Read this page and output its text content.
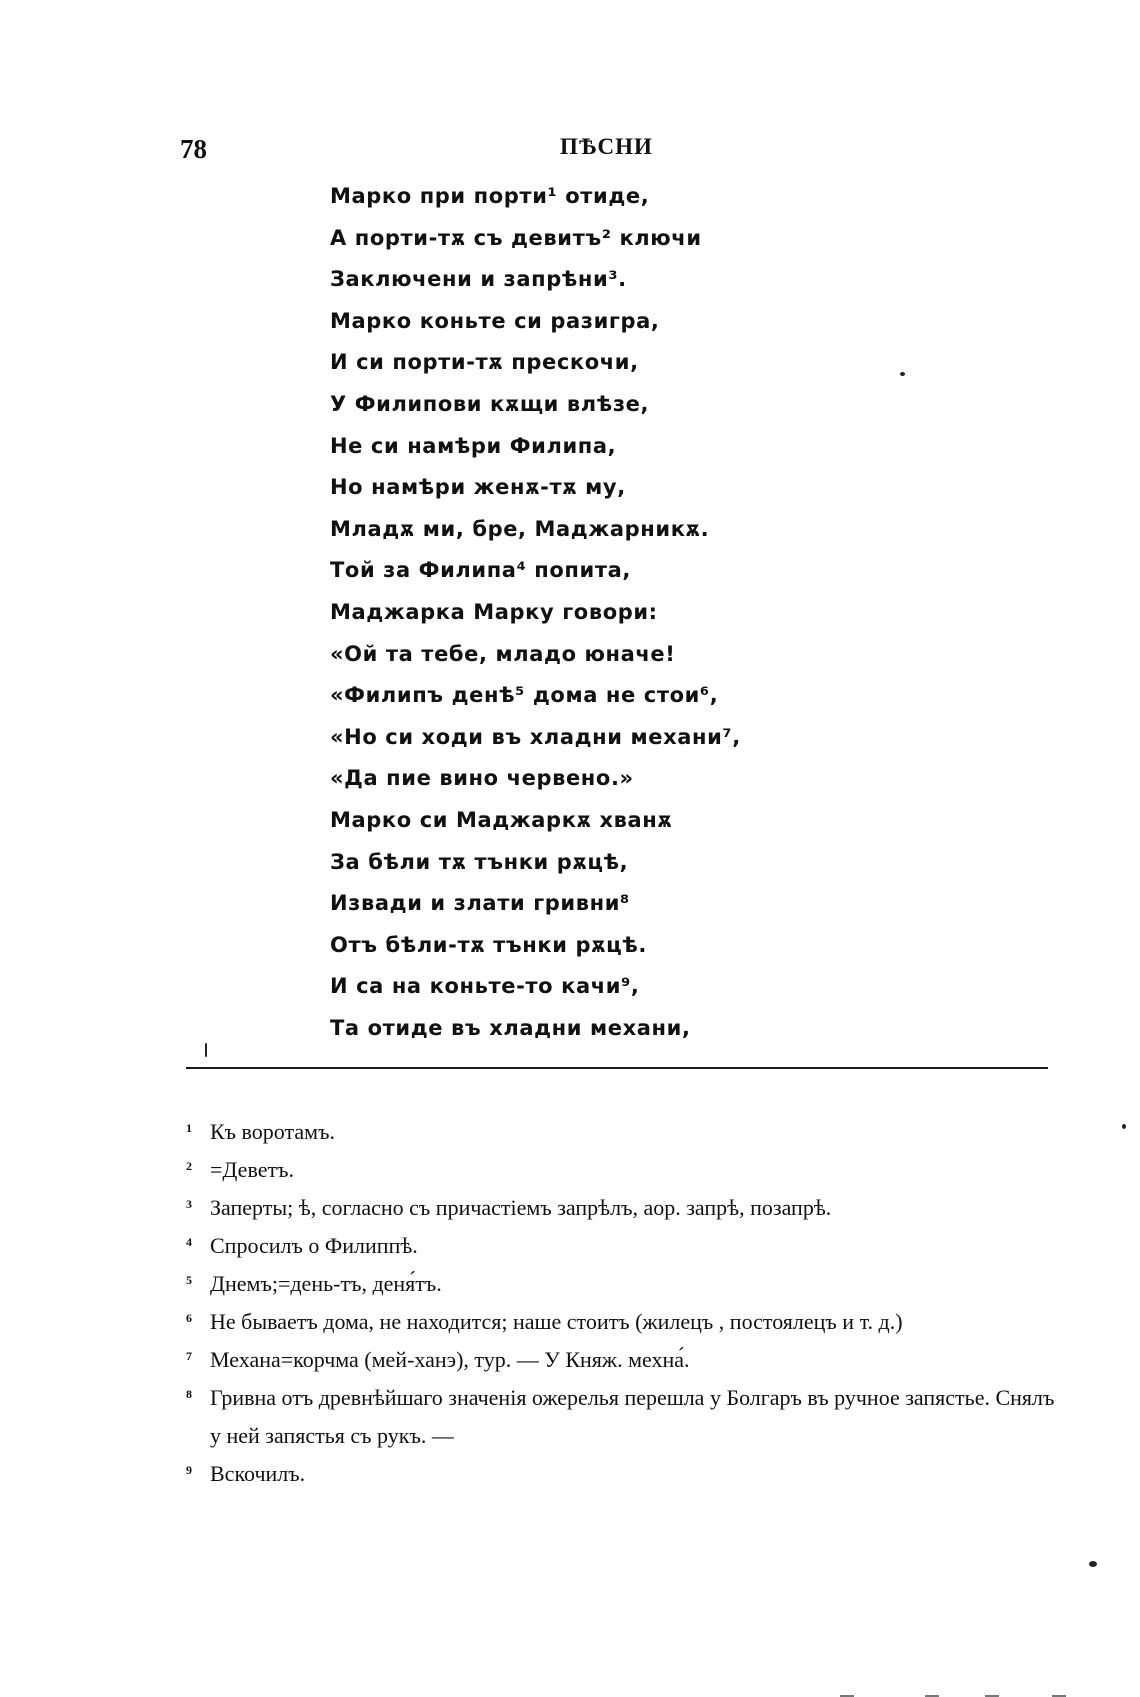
78	ПѢСНИ
Марко при порти¹ отиде,
А порти-тѫ съ девитъ² ключи
Заключени и запрѣни³.
Марко коньте си разигра,
И си порти-тѫ прескочи,
У Филипови кѫщи влѣзе,
Не си намѣри Филипа,
Но намѣри женѫ-тѫ му,
Младѫ ми, бре, Маджарникѫ.
Той за Филипа⁴ попита,
Маджарка Марку говори:
«Ой та тебе, младо юначе!
«Филипъ денѣ⁵ дома не стои⁶,
«Но си ходи въ хладни механи⁷,
«Да пие вино червено.»
Марко си Маджаркѫ хванѫ
За бѣли тѫ тънки рѫцѣ,
Извади и злати гривни⁸
Отъ бѣли-тѫ тънки рѫцѣ.
И са на коньте-то качи⁹,
Та отиде въ хладни механи,
1 Къ воротамъ.
2 =Деветъ.
3 Заперты; ѣ, согласно съ причастіемъ запрѣлъ, аор. запрѣ, позапрѣ.
4 Спросилъ о Филиппѣ.
5 Днемъ;=день-тъ, деня́тъ.
6 Не бываетъ дома, не находится; наше стоитъ (жилецъ , постоялецъ и т. д.)
7 Механа=корчма (мей-ханэ), тур. — У Княж. мехна́.
8 Гривна отъ древнѣйшаго значенія ожерелья перешла у Болгаръ въ ручное запястье. Снялъ у ней запястья съ рукъ. —
9 Вскочилъ.
